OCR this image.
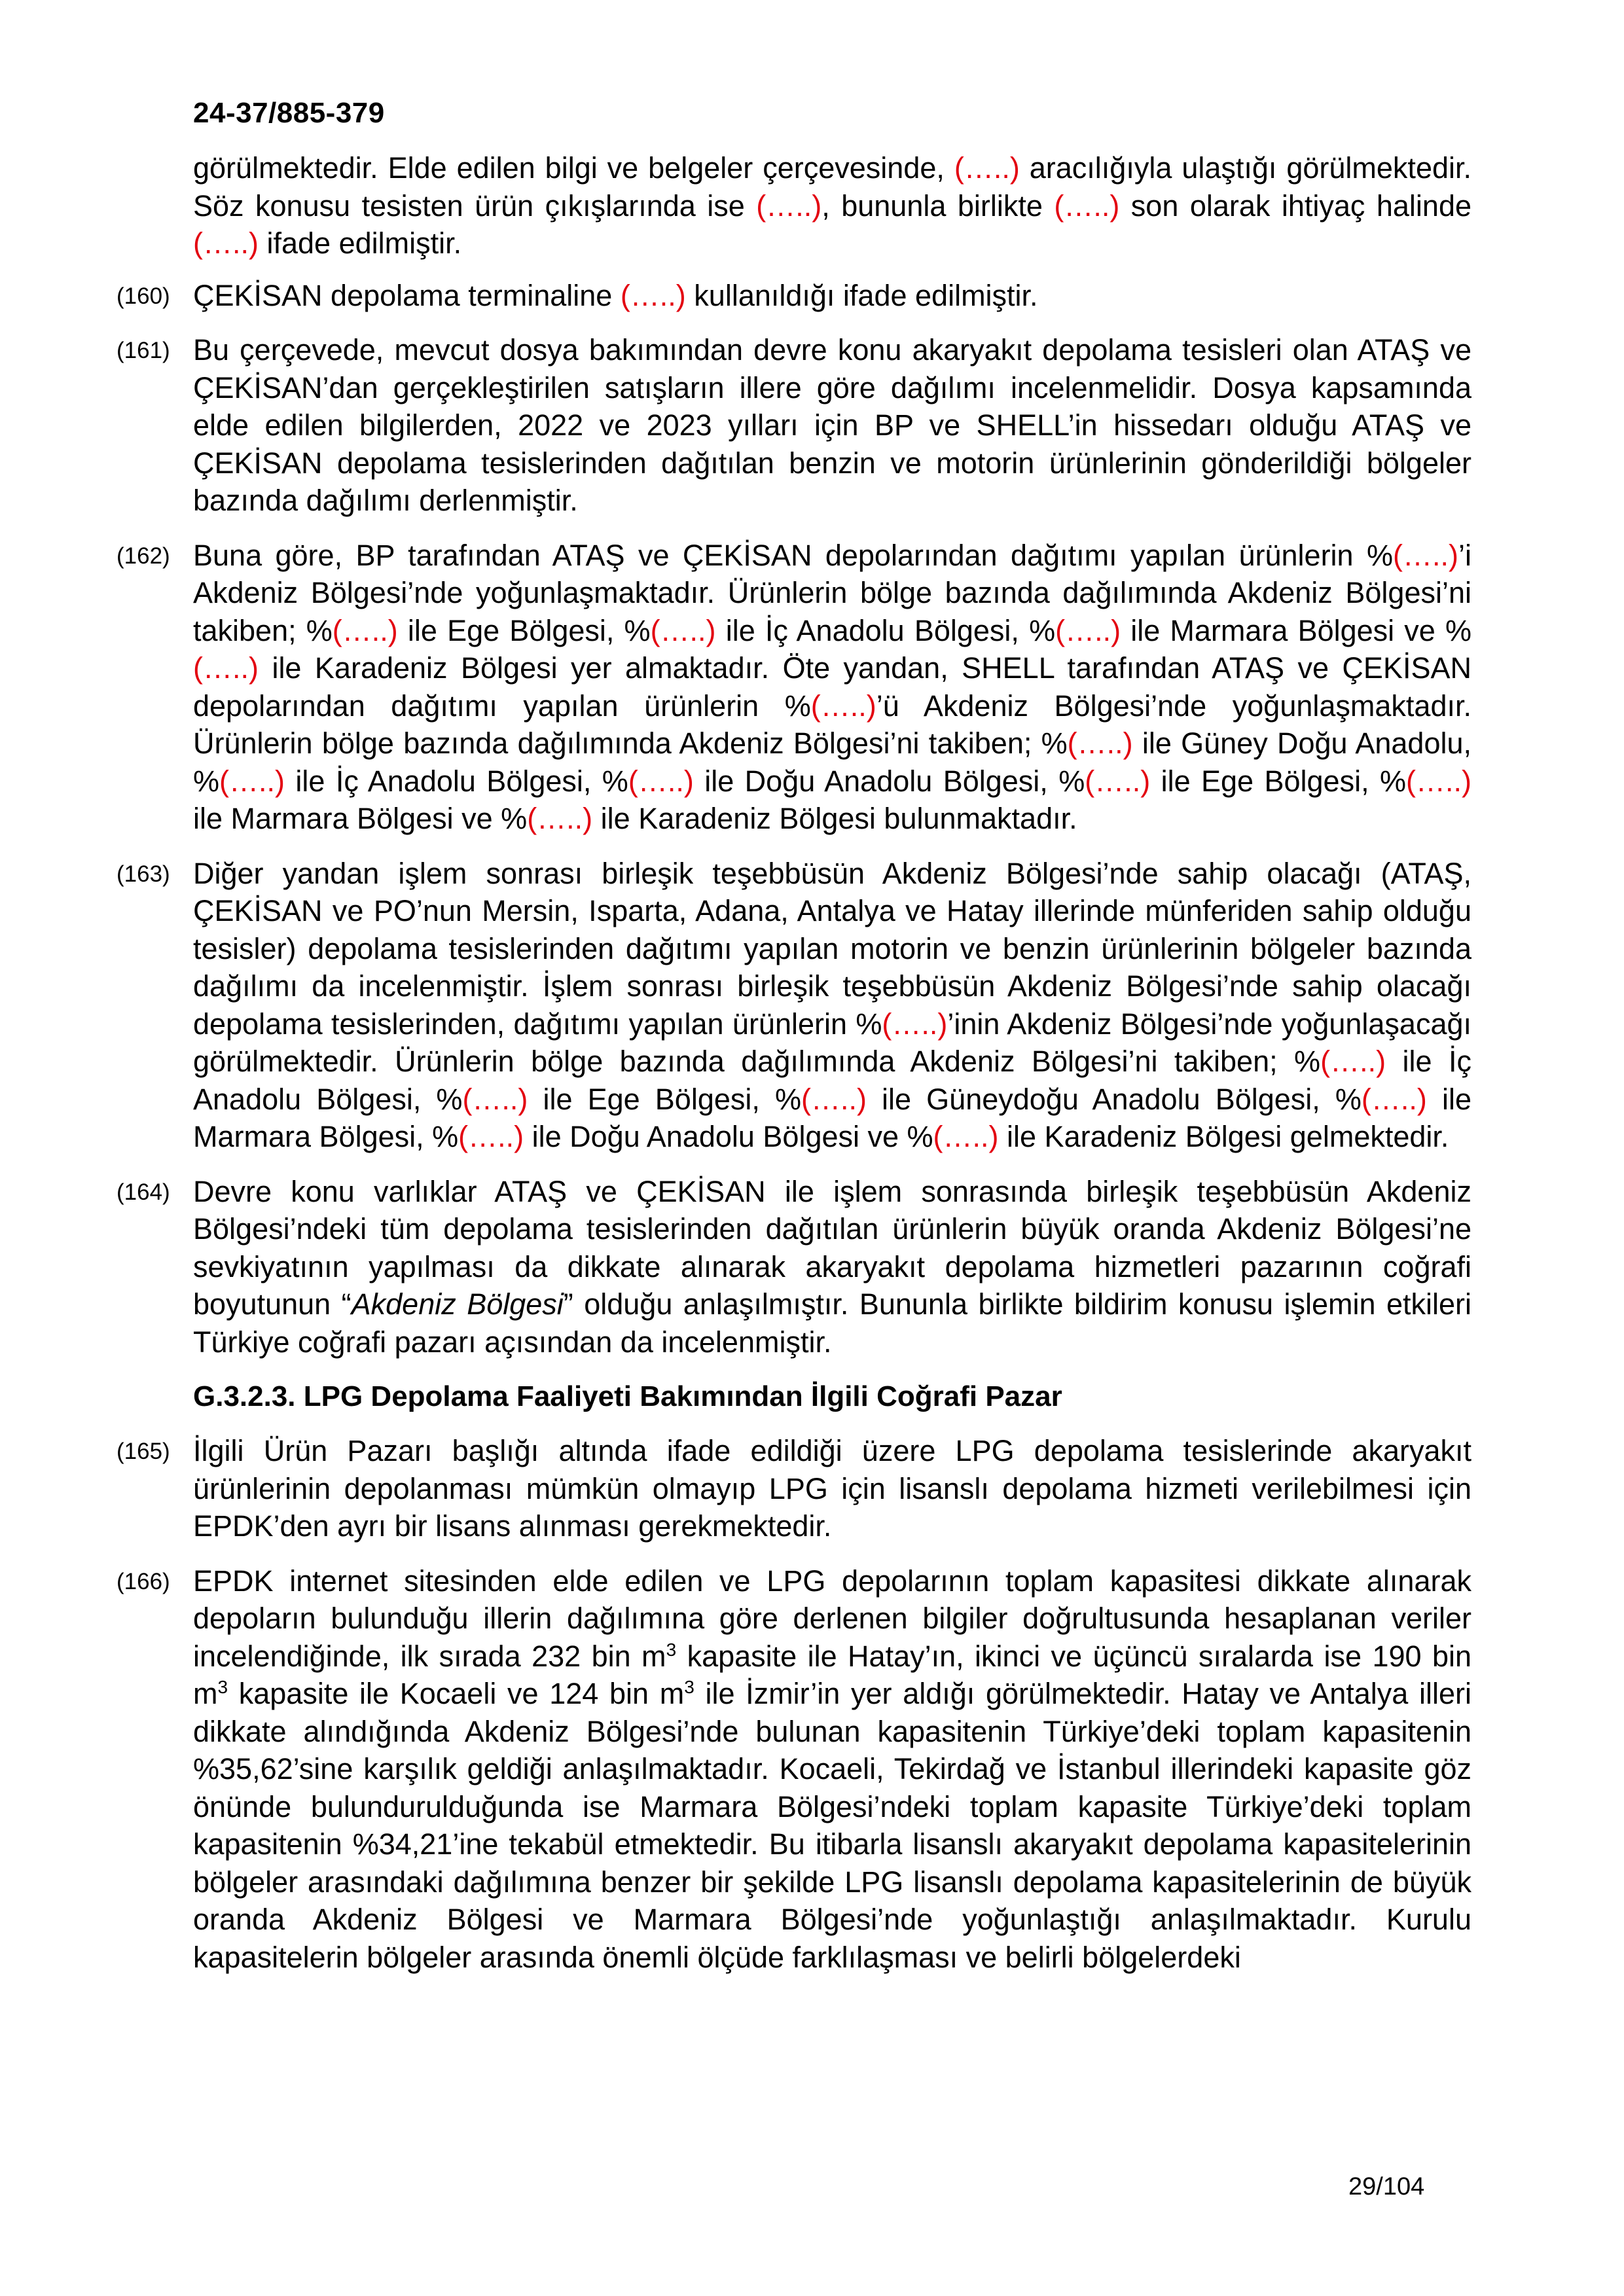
24-37/885-379
görülmektedir. Elde edilen bilgi ve belgeler çerçevesinde, (…..) aracılığıyla ulaştığı görülmektedir. Söz konusu tesisten ürün çıkışlarında ise (…..), bununla birlikte (…..) son olarak ihtiyaç halinde (…..) ifade edilmiştir.
(160) ÇEKİSAN depolama terminaline (…..) kullanıldığı ifade edilmiştir.
(161) Bu çerçevede, mevcut dosya bakımından devre konu akaryakıt depolama tesisleri olan ATAŞ ve ÇEKİSAN’dan gerçekleştirilen satışların illere göre dağılımı incelenmelidir. Dosya kapsamında elde edilen bilgilerden, 2022 ve 2023 yılları için BP ve SHELL’in hissedarı olduğu ATAŞ ve ÇEKİSAN depolama tesislerinden dağıtılan benzin ve motorin ürünlerinin gönderildiği bölgeler bazında dağılımı derlenmiştir.
(162) Buna göre, BP tarafından ATAŞ ve ÇEKİSAN depolarından dağıtımı yapılan ürünlerin %(…..)’i Akdeniz Bölgesi’nde yoğunlaşmaktadır. Ürünlerin bölge bazında dağılımında Akdeniz Bölgesi’ni takiben; %(…..) ile Ege Bölgesi, %(…..) ile İç Anadolu Bölgesi, %(…..) ile Marmara Bölgesi ve %(…..) ile Karadeniz Bölgesi yer almaktadır. Öte yandan, SHELL tarafından ATAŞ ve ÇEKİSAN depolarından dağıtımı yapılan ürünlerin %(…..)’ü Akdeniz Bölgesi’nde yoğunlaşmaktadır. Ürünlerin bölge bazında dağılımında Akdeniz Bölgesi’ni takiben; %(…..) ile Güney Doğu Anadolu, %(…..) ile İç Anadolu Bölgesi, %(…..) ile Doğu Anadolu Bölgesi, %(…..) ile Ege Bölgesi, %(…..) ile Marmara Bölgesi ve %(…..) ile Karadeniz Bölgesi bulunmaktadır.
(163) Diğer yandan işlem sonrası birleşik teşebbüsün Akdeniz Bölgesi’nde sahip olacağı (ATAŞ, ÇEKİSAN ve PO’nun Mersin, Isparta, Adana, Antalya ve Hatay illerinde münferiden sahip olduğu tesisler) depolama tesislerinden dağıtımı yapılan motorin ve benzin ürünlerinin bölgeler bazında dağılımı da incelenmiştir. İşlem sonrası birleşik teşebbüsün Akdeniz Bölgesi’nde sahip olacağı depolama tesislerinden, dağıtımı yapılan ürünlerin %(…..)’inin Akdeniz Bölgesi’nde yoğunlaşacağı görülmektedir. Ürünlerin bölge bazında dağılımında Akdeniz Bölgesi’ni takiben; %(…..) ile İç Anadolu Bölgesi, %(…..) ile Ege Bölgesi, %(…..) ile Güneydoğu Anadolu Bölgesi, %(…..) ile Marmara Bölgesi, %(…..) ile Doğu Anadolu Bölgesi ve %(…..) ile Karadeniz Bölgesi gelmektedir.
(164) Devre konu varlıklar ATAŞ ve ÇEKİSAN ile işlem sonrasında birleşik teşebbüsün Akdeniz Bölgesi’ndeki tüm depolama tesislerinden dağıtılan ürünlerin büyük oranda Akdeniz Bölgesi’ne sevkiyatının yapılması da dikkate alınarak akaryakıt depolama hizmetleri pazarının coğrafi boyutunun “Akdeniz Bölgesi” olduğu anlaşılmıştır. Bununla birlikte bildirim konusu işlemin etkileri Türkiye coğrafi pazarı açısından da incelenmiştir.
G.3.2.3. LPG Depolama Faaliyeti Bakımından İlgili Coğrafi Pazar
(165) İlgili Ürün Pazarı başlığı altında ifade edildiği üzere LPG depolama tesislerinde akaryakıt ürünlerinin depolanması mümkün olmayıp LPG için lisanslı depolama hizmeti verilebilmesi için EPDK’den ayrı bir lisans alınması gerekmektedir.
(166) EPDK internet sitesinden elde edilen ve LPG depolarının toplam kapasitesi dikkate alınarak depoların bulunduğu illerin dağılımına göre derlenen bilgiler doğrultusunda hesaplanan veriler incelendiğinde, ilk sırada 232 bin $m^3$ kapasite ile Hatay’ın, ikinci ve üçüncü sıralarda ise 190 bin $m^3$ kapasite ile Kocaeli ve 124 bin $m^3$ ile İzmir’in yer aldığı görülmektedir. Hatay ve Antalya illeri dikkate alındığında Akdeniz Bölgesi’nde bulunan kapasitenin Türkiye’deki toplam kapasitenin %35,62’sine karşılık geldiği anlaşılmaktadır. Kocaeli, Tekirdağ ve İstanbul illerindeki kapasite göz önünde bulundurulduğunda ise Marmara Bölgesi’ndeki toplam kapasite Türkiye’deki toplam kapasitenin %34,21’ine tekabül etmektedir. Bu itibarla lisanslı akaryakıt depolama kapasitelerinin bölgeler arasındaki dağılımına benzer bir şekilde LPG lisanslı depolama kapasitelerinin de büyük oranda Akdeniz Bölgesi ve Marmara Bölgesi’nde yoğunlaştığı anlaşılmaktadır. Kurulu kapasitelerin bölgeler arasında önemli ölçüde farklılaşması ve belirli bölgelerdeki
29/104
